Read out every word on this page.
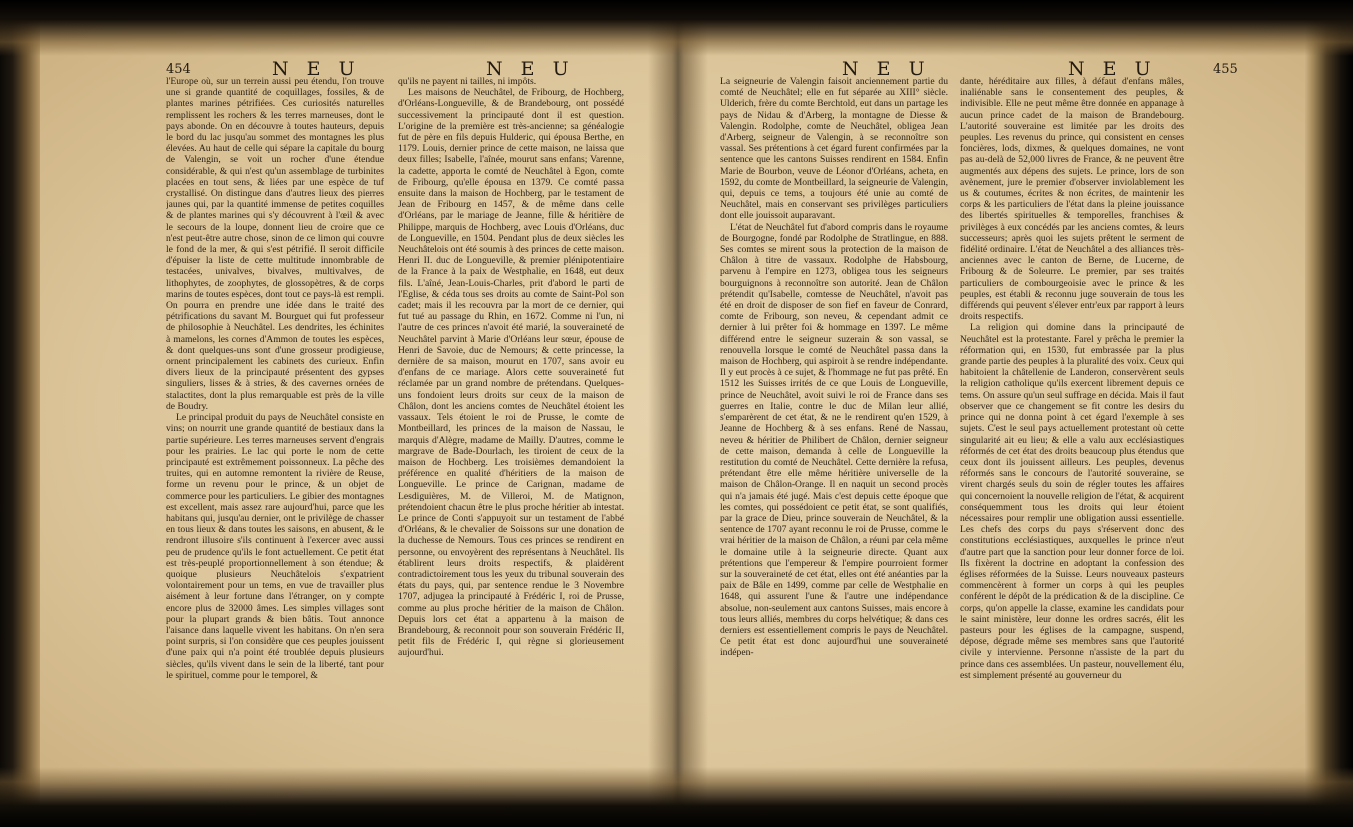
454	N E U	N E U

l'Europe où, sur un terrein aussi peu étendu, l'on trouve une si grande quantité de coquillages, fossiles, & de plantes marines pétrifiées. Ces curiosités naturelles remplissent les rochers & les terres marneuses, dont le pays abonde. On en découvre à toutes hauteurs, depuis le bord du lac jusqu'au sommet des montagnes les plus élevées. Au haut de celle qui sépare la capitale du bourg de Valengin, se voit un rocher d'une étendue considérable, & qui n'est qu'un assemblage de turbinites placées en tout sens, & liées par une espèce de tuf crystallisé. On distingue dans d'autres lieux des pierres jaunes qui, par la quantité immense de petites coquilles & de plantes marines qui s'y découvrent à l'œil & avec le secours de la loupe, donnent lieu de croire que ce n'est peut-être autre chose, sinon de ce limon qui couvre le fond de la mer, & qui s'est pétrifié. Il seroit difficile d'épuiser la liste de cette multitude innombrable de testacées, univalves, bivalves, multivalves, de lithophytes, de zoophytes, de glossopètres, & de corps marins de toutes espèces, dont tout ce pays-là est rempli. On pourra en prendre une idée dans le traité des pétrifications du savant M. Bourguet qui fut professeur de philosophie à Neuchâtel. Les dendrites, les échinites à mamelons, les cornes d'Ammon de toutes les espèces, & dont quelques-uns sont d'une grosseur prodigieuse, ornent principalement les cabinets des curieux. Enfin divers lieux de la principauté présentent des gypses singuliers, lisses & à stries, & des cavernes ornées de stalactites, dont la plus remarquable est près de la ville de Boudry.

Le principal produit du pays de Neuchâtel consiste en vins; on nourrit une grande quantité de bestiaux dans la partie supérieure. Les terres marneuses servent d'engrais pour les prairies. Le lac qui porte le nom de cette principauté est extrêmement poissonneux. La pêche des truites, qui en automne remontent la rivière de Reuse, forme un revenu pour le prince, & un objet de commerce pour les particuliers. Le gibier des montagnes est excellent, mais assez rare aujourd'hui, parce que les habitans qui, jusqu'au dernier, ont le privilège de chasser en tous lieux & dans toutes les saisons, en abusent, & le rendront illusoire s'ils continuent à l'exercer avec aussi peu de prudence qu'ils le font actuellement. Ce petit état est très-peuplé proportionnellement à son étendue; & quoique plusieurs Neuchâtelois s'expatrient volontairement pour un tems, en vue de travailler plus aisément à leur fortune dans l'étranger, on y compte encore plus de 32000 âmes. Les simples villages sont pour la plupart grands & bien bâtis. Tout annonce l'aisance dans laquelle vivent les habitans. On n'en sera point surpris, si l'on considère que ces peuples jouissent d'une paix qui n'a point été troublée depuis plusieurs siècles, qu'ils vivent dans le sein de la liberté, tant pour le spirituel, comme pour le temporel, &

qu'ils ne payent ni tailles, ni impôts.

Les maisons de Neuchâtel, de Fribourg, de Hochberg, d'Orléans-Longueville, & de Brandebourg, ont possédé successivement la principauté dont il est question. L'origine de la première est très-ancienne; sa généalogie fut de père en fils depuis Hulderic, qui épousa Berthe, en 1179. Louis, dernier prince de cette maison, ne laissa que deux filles; Isabelle, l'aînée, mourut sans enfans; Varenne, la cadette, apporta le comté de Neuchâtel à Egon, comte de Fribourg, qu'elle épousa en 1379. Ce comté passa ensuite dans la maison de Hochberg, par le testament de Jean de Fribourg en 1457, & de même dans celle d'Orléans, par le mariage de Jeanne, fille & héritière de Philippe, marquis de Hochberg, avec Louis d'Orléans, duc de Longueville, en 1504. Pendant plus de deux siècles les Neuchâtelois ont été soumis à des princes de cette maison. Henri II. duc de Longueville, & premier plénipotentiaire de la France à la paix de Westphalie, en 1648, eut deux fils. L'aîné, Jean-Louis-Charles, prit d'abord le parti de l'Eglise, & céda tous ses droits au comte de Saint-Pol son cadet; mais il les recouvra par la mort de ce dernier, qui fut tué au passage du Rhin, en 1672. Comme ni l'un, ni l'autre de ces princes n'avoit été marié, la souveraineté de Neuchâtel parvint à Marie d'Orléans leur sœur, épouse de Henri de Savoie, duc de Nemours; & cette princesse, la dernière de sa maison, mourut en 1707, sans avoir eu d'enfans de ce mariage. Alors cette souveraineté fut réclamée par un grand nombre de prétendans. Quelques-uns fondoient leurs droits sur ceux de la maison de Châlon, dont les anciens comtes de Neuchâtel étoient les vassaux. Tels étoient le roi de Prusse, le comte de Montbeillard, les princes de la maison de Nassau, le marquis d'Alègre, madame de Mailly. D'autres, comme le margrave de Bade-Dourlach, les tiroient de ceux de la maison de Hochberg. Les troisièmes demandoient la préférence en qualité d'héritiers de la maison de Longueville. Le prince de Carignan, madame de Lesdiguières, M. de Villeroi, M. de Matignon, prétendoient chacun être le plus proche héritier ab intestat. Le prince de Conti s'appuyoit sur un testament de l'abbé d'Orléans, & le chevalier de Soissons sur une donation de la duchesse de Nemours. Tous ces princes se rendirent en personne, ou envoyèrent des représentans à Neuchâtel. Ils établirent leurs droits respectifs, & plaidèrent contradictoirement tous les yeux du tribunal souverain des états du pays, qui, par sentence rendue le 3 Novembre 1707, adjugea la principauté à Frédéric I, roi de Prusse, comme au plus proche héritier de la maison de Châlon. Depuis lors cet état a appartenu à la maison de Brandebourg, & reconnoit pour son souverain Frédéric II, petit fils de Frédéric I, qui règne si glorieusement aujourd'hui.

N E U	N E U	455

La seigneurie de Valengin faisoit anciennement partie du comté de Neuchâtel; elle en fut séparée au XIII° siècle. Ulderich, frère du comte Berchtold, eut dans un partage les pays de Nidau & d'Arberg, la montagne de Diesse & Valengin. Rodolphe, comte de Neuchâtel, obligea Jean d'Arberg, seigneur de Valengin, à se reconnoître son vassal. Ses prétentions à cet égard furent confirmées par la sentence que les cantons Suisses rendirent en 1584. Enfin Marie de Bourbon, veuve de Léonor d'Orléans, acheta, en 1592, du comte de Montbeillard, la seigneurie de Valengin, qui, depuis ce tems, a toujours été unie au comté de Neuchâtel, mais en conservant ses privilèges particuliers dont elle jouissoit auparavant.

L'état de Neuchâtel fut d'abord compris dans le royaume de Bourgogne, fondé par Rodolphe de Stratlingue, en 888. Ses comtes se mirent sous la protection de la maison de Châlon à titre de vassaux. Rodolphe de Habsbourg, parvenu à l'empire en 1273, obligea tous les seigneurs bourguignons à reconnoître son autorité. Jean de Châlon prétendit qu'Isabelle, comtesse de Neuchâtel, n'avoit pas été en droit de disposer de son fief en faveur de Conrard, comte de Fribourg, son neveu, & cependant admit ce dernier à lui prêter foi & hommage en 1397. Le même différend entre le seigneur suzerain & son vassal, se renouvella lorsque le comté de Neuchâtel passa dans la maison de Hochberg, qui aspiroit à se rendre indépendante. Il y eut procès à ce sujet, & l'hommage ne fut pas prêté. En 1512 les Suisses irrités de ce que Louis de Longueville, prince de Neuchâtel, avoit suivi le roi de France dans ses guerres en Italie, contre le duc de Milan leur allié, s'emparèrent de cet état, & ne le rendirent qu'en 1529, à Jeanne de Hochberg & à ses enfans. René de Nassau, neveu & héritier de Philibert de Châlon, dernier seigneur de cette maison, demanda à celle de Longueville la restitution du comté de Neuchâtel. Cette dernière la refusa, prétendant être elle même héritière universelle de la maison de Châlon-Orange. Il en naquit un second procès qui n'a jamais été jugé. Mais c'est depuis cette époque que les comtes, qui possédoient ce petit état, se sont qualifiés, par la grace de Dieu, prince souverain de Neuchâtel, & la sentence de 1707 ayant reconnu le roi de Prusse, comme le vrai héritier de la maison de Châlon, a réuni par cela même le domaine utile à la seigneurie directe. Quant aux prétentions que l'empereur & l'empire pourroient former sur la souveraineté de cet état, elles ont été anéanties par la paix de Bâle en 1499, comme par celle de Westphalie en 1648, qui assurent l'une & l'autre une indépendance absolue, non-seulement aux cantons Suisses, mais encore à tous leurs alliés, membres du corps helvétique; & dans ces derniers est essentiellement compris le pays de Neuchâtel. Ce petit état est donc aujourd'hui une souveraineté indépen-

dante, héréditaire aux filles, à défaut d'enfans mâles, inaliénable sans le consentement des peuples, & indivisible. Elle ne peut même être donnée en appanage à aucun prince cadet de la maison de Brandebourg. L'autorité souveraine est limitée par les droits des peuples. Les revenus du prince, qui consistent en censes foncières, lods, dixmes, & quelques domaines, ne vont pas au-delà de 52,000 livres de France, & ne peuvent être augmentés aux dépens des sujets. Le prince, lors de son avènement, jure le premier d'observer inviolablement les us & coutumes, écrites & non écrites, de maintenir les corps & les particuliers de l'état dans la pleine jouissance des libertés spirituelles & temporelles, franchises & privilèges à eux concédés par les anciens comtes, & leurs successeurs; après quoi les sujets prêtent le serment de fidélité ordinaire. L'état de Neuchâtel a des alliances très-anciennes avec le canton de Berne, de Lucerne, de Fribourg & de Soleurre. Le premier, par ses traités particuliers de combourgeoisie avec le prince & les peuples, est établi & reconnu juge souverain de tous les différends qui peuvent s'élever entr'eux par rapport à leurs droits respectifs.

La religion qui domine dans la principauté de Neuchâtel est la protestante. Farel y prêcha le premier la réformation qui, en 1530, fut embrassée par la plus grande partie des peuples à la pluralité des voix. Ceux qui habitoient la châtellenie de Landeron, conservèrent seuls la religion catholique qu'ils exercent librement depuis ce tems. On assure qu'un seul suffrage en décida. Mais il faut observer que ce changement se fit contre les desirs du prince qui ne donna point à cet égard l'exemple à ses sujets. C'est le seul pays actuellement protestant où cette singularité ait eu lieu; & elle a valu aux ecclésiastiques réformés de cet état des droits beaucoup plus étendus que ceux dont ils jouissent ailleurs. Les peuples, devenus réformés sans le concours de l'autorité souveraine, se virent chargés seuls du soin de régler toutes les affaires qui concernoient la nouvelle religion de l'état, & acquirent conséquemment tous les droits qui leur étoient nécessaires pour remplir une obligation aussi essentielle. Les chefs des corps du pays s'réservent donc des constitutions ecclésiastiques, auxquelles le prince n'eut d'autre part que la sanction pour leur donner force de loi. Ils fixèrent la doctrine en adoptant la confession des églises réformées de la Suisse. Leurs nouveaux pasteurs commencèrent à former un corps à qui les peuples conférent le dépôt de la prédication & de la discipline. Ce corps, qu'on appelle la classe, examine les candidats pour le saint ministère, leur donne les ordres sacrés, élit les pasteurs pour les églises de la campagne, suspend, dépose, dégrade même ses membres sans que l'autorité civile y intervienne. Personne n'assiste de la part du prince dans ces assemblées. Un pasteur, nouvellement élu, est simplement présenté au gouverneur du
